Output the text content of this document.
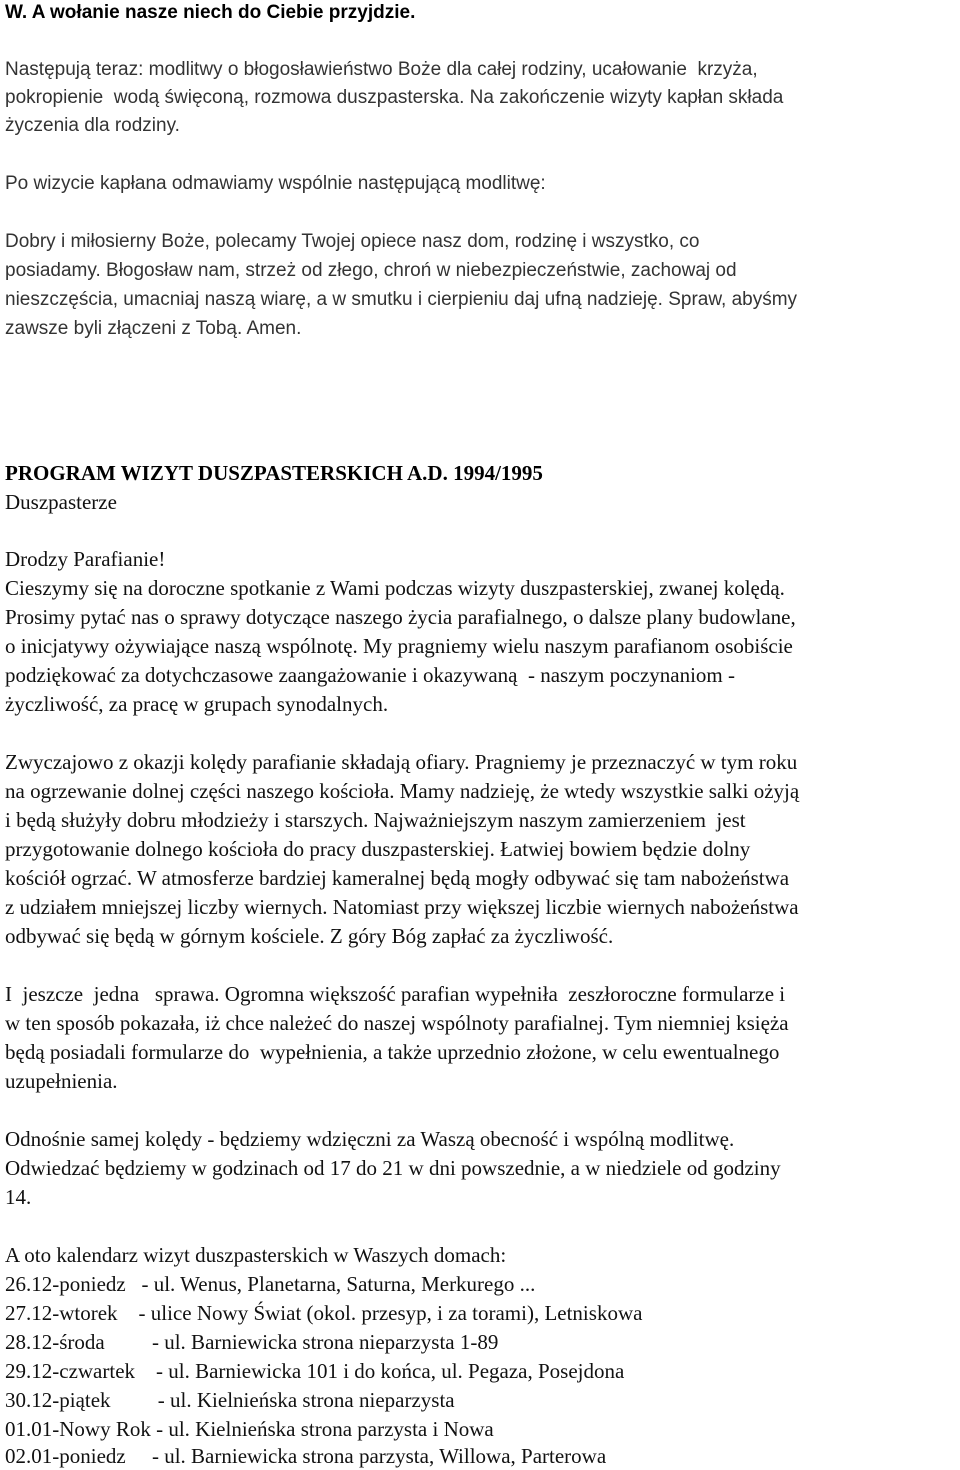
W. A wołanie nasze niech do Ciebie przyjdzie.
Następują teraz: modlitwy o błogosławieństwo Boże dla całej rodziny, ucałowanie  krzyża,
pokropienie  wodą święconą, rozmowa duszpasterska. Na zakończenie wizyty kapłan składa
życzenia dla rodziny.
Po wizycie kapłana odmawiamy wspólnie następującą modlitwę:
Dobry i miłosierny Boże, polecamy Twojej opiece nasz dom, rodzinę i wszystko, co
posiadamy. Błogosław nam, strzeż od złego, chroń w niebezpieczeństwie, zachowaj od
nieszczęścia, umacniaj naszą wiarę, a w smutku i cierpieniu daj ufną nadzieję. Spraw, abyśmy
zawsze byli złączeni z Tobą. Amen.
PROGRAM WIZYT DUSZPASTERSKICH A.D. 1994/1995
Duszpasterze
Drodzy Parafianie!
Cieszymy się na doroczne spotkanie z Wami podczas wizyty duszpasterskiej, zwanej kolędą.
Prosimy pytać nas o sprawy dotyczące naszego życia parafialnego, o dalsze plany budowlane,
o inicjatywy ożywiające naszą wspólnotę. My pragniemy wielu naszym parafianom osobiście
podziękować za dotychczasowe zaangażowanie i okazywaną  - naszym poczynaniom -
życzliwość, za pracę w grupach synodalnych.
Zwyczajowo z okazji kolędy parafianie składają ofiary. Pragniemy je przeznaczyć w tym roku
na ogrzewanie dolnej części naszego kościoła. Mamy nadzieję, że wtedy wszystkie salki ożyją
i będą służyły dobru młodzieży i starszych. Najważniejszym naszym zamierzeniem  jest
przygotowanie dolnego kościoła do pracy duszpasterskiej. Łatwiej bowiem będzie dolny
kościół ogrzać. W atmosferze bardziej kameralnej będą mogły odbywać się tam nabożeństwa
z udziałem mniejszej liczby wiernych. Natomiast przy większej liczbie wiernych nabożeństwa
odbywać się będą w górnym kościele. Z góry Bóg zapłać za życzliwość.
I  jeszcze  jedna   sprawa. Ogromna większość parafian wypełniła  zeszłoroczne formularze i
w ten sposób pokazała, iż chce należeć do naszej wspólnoty parafialnej. Tym niemniej księża
będą posiadali formularze do  wypełnienia, a także uprzednio złożone, w celu ewentualnego
uzupełnienia.
Odnośnie samej kolędy - będziemy wdzięczni za Waszą obecność i wspólną modlitwę.
Odwiedzać będziemy w godzinach od 17 do 21 w dni powszednie, a w niedziele od godziny
14.
A oto kalendarz wizyt duszpasterskich w Waszych domach:
26.12-poniedz   - ul. Wenus, Planetarna, Saturna, Merkurego ...
27.12-wtorek    - ulice Nowy Świat (okol. przesyp, i za torami), Letniskowa
28.12-środa         - ul. Barniewicka strona nieparzysta 1-89
29.12-czwartek    - ul. Barniewicka 101 i do końca, ul. Pegaza, Posejdona
30.12-piątek         - ul. Kielnieńska strona nieparzysta
01.01-Nowy Rok - ul. Kielnieńska strona parzysta i Nowa
02.01-poniedz     - ul. Barniewicka strona parzysta, Willowa, Parterowa
